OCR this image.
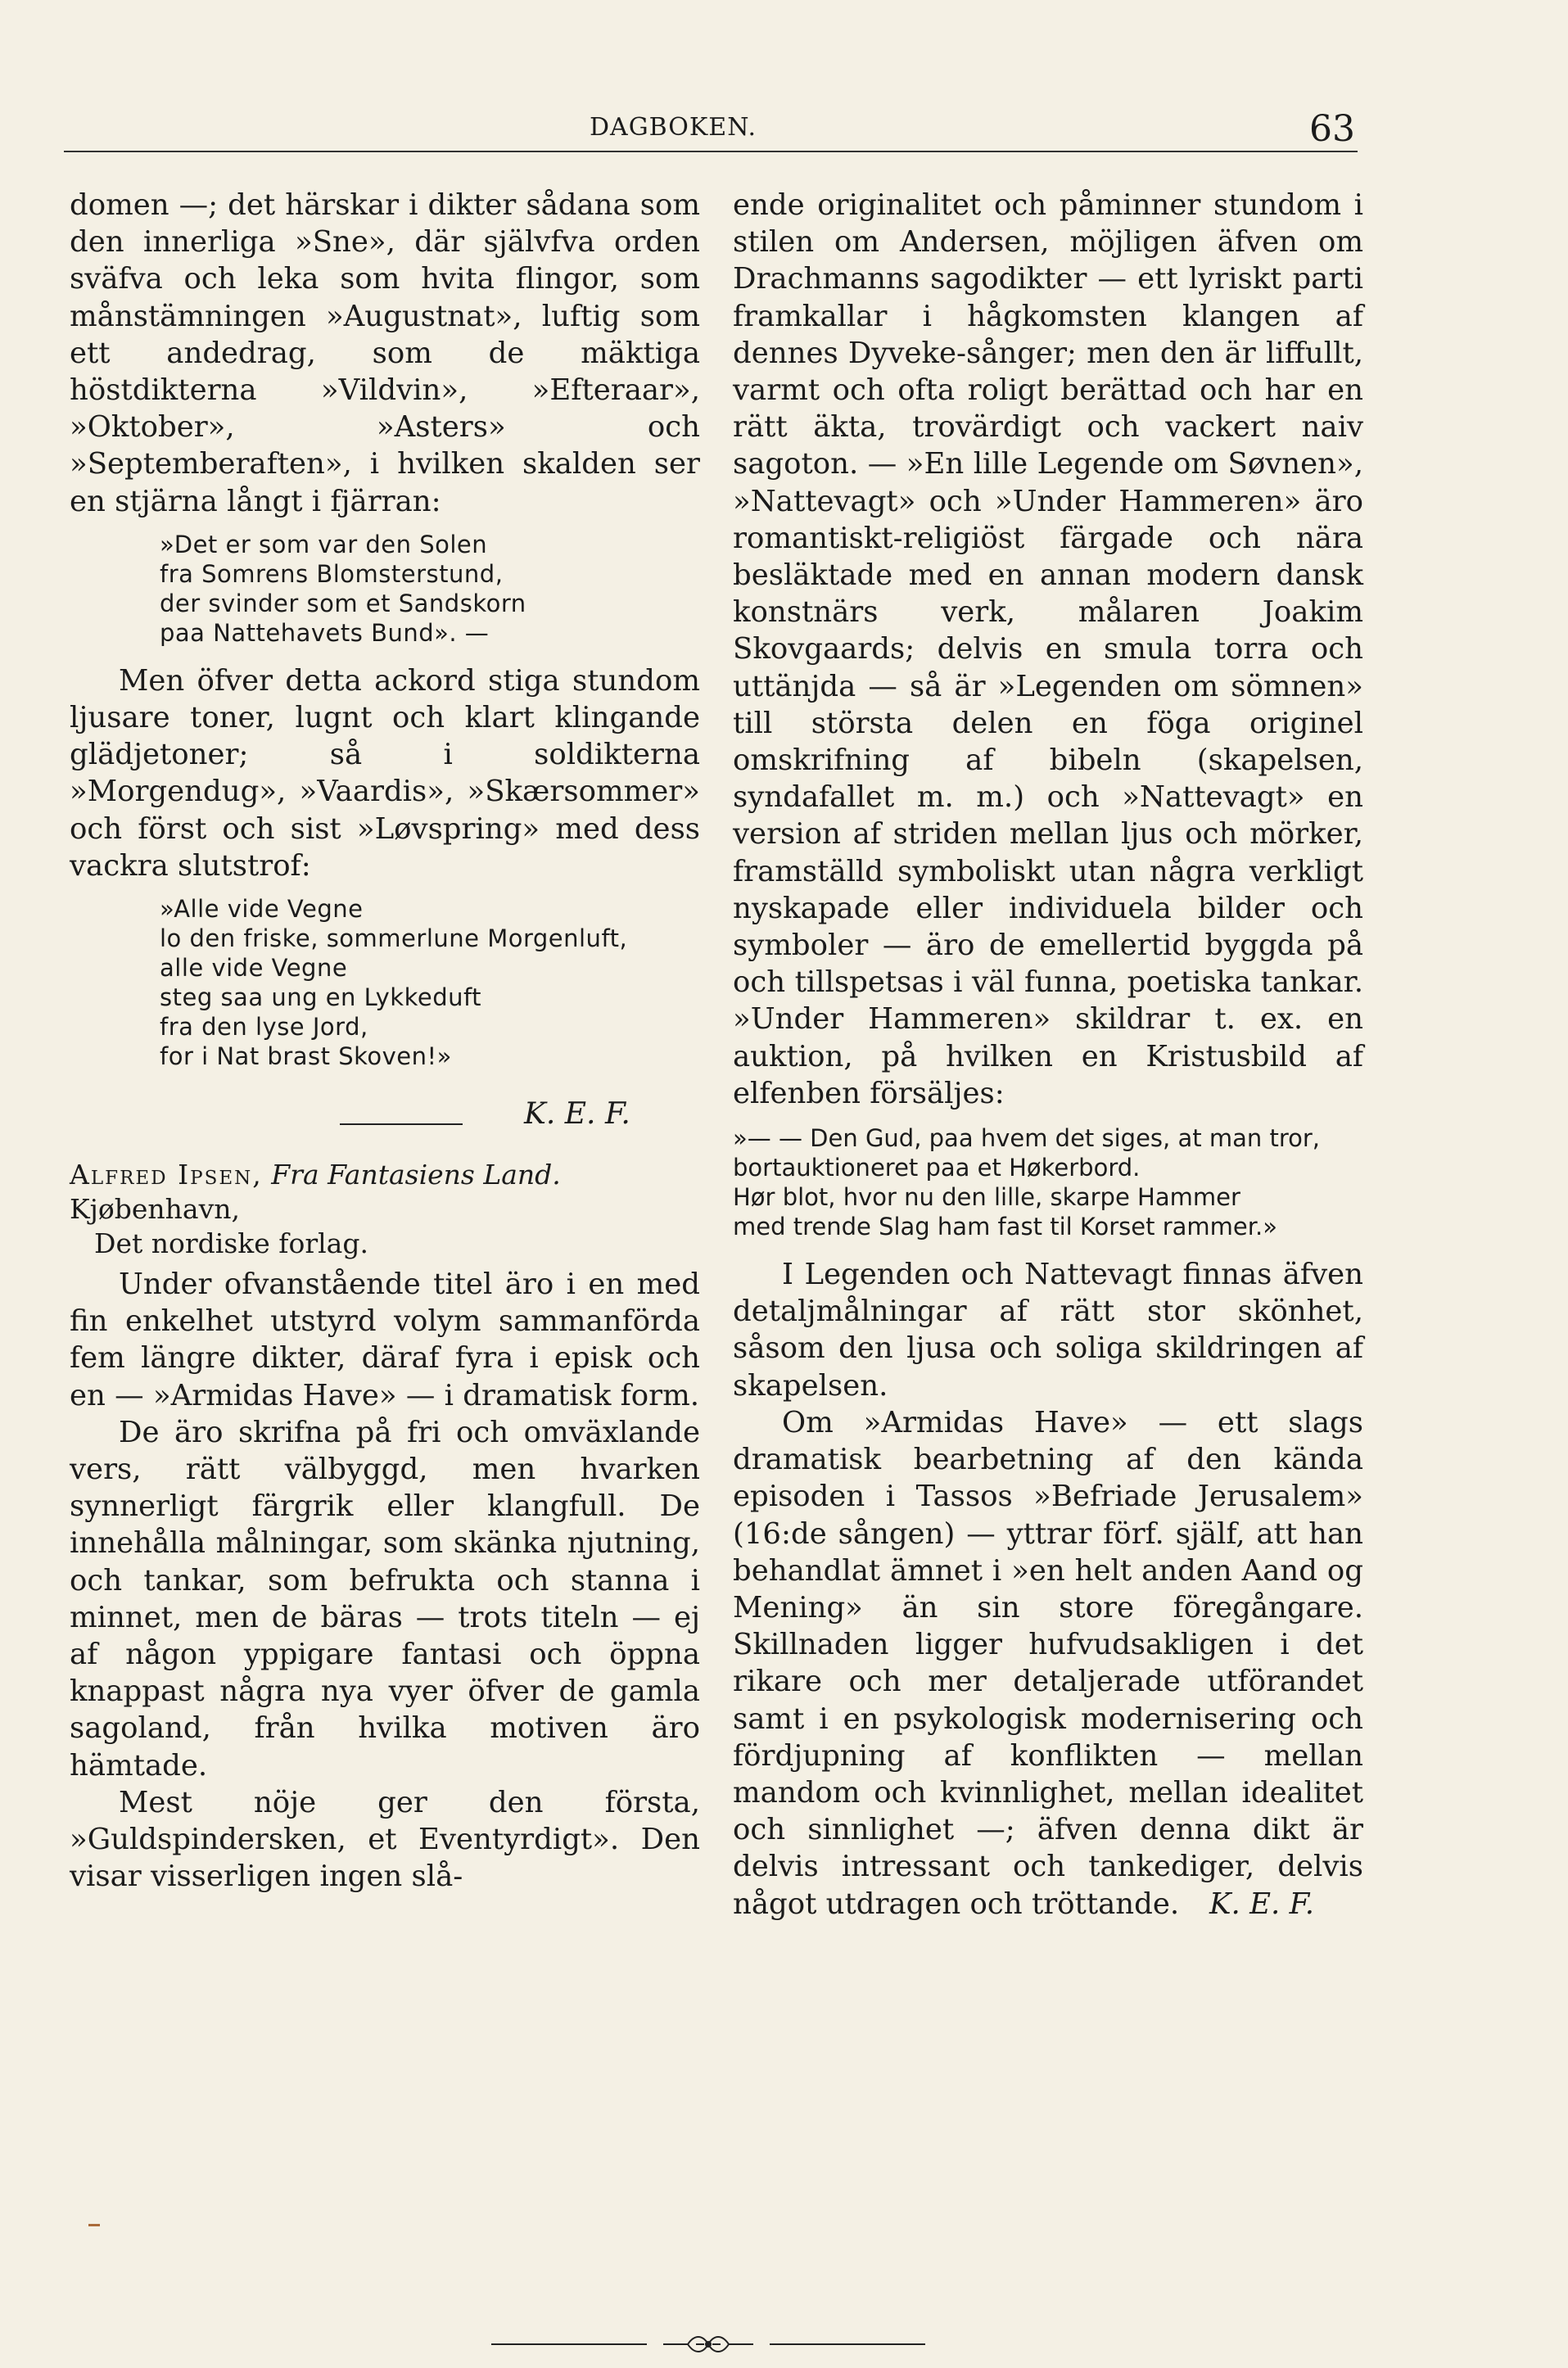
DAGBOKEN.	63

domen —; det härskar i dikter sådana som den innerliga »Sne», där självfva orden sväfva och leka som hvita flingor, som månstämningen »Augustnat», luftig som ett andedrag, som de mäktiga höstdikterna »Vildvin», »Efteraar», »Oktober», »Asters» och »Septemberaften», i hvilken skalden ser en stjärna långt i fjärran:

»Det er som var den Solen
fra Somrens Blomsterstund,
der svinder som et Sandskorn
paa Nattehavets Bund». —

Men öfver detta ackord stiga stundom ljusare toner, lugnt och klart klingande glädjetoner; så i soldikterna »Morgendug», »Vaardis», »Skærsommer» och först och sist »Løvspring» med dess vackra slutstrof:

»Alle vide Vegne
lo den friske, sommerlune Morgenluft,
alle vide Vegne
steg saa ung en Lykkeduft
fra den lyse Jord,
for i Nat brast Skoven!»
K. E. F.
Alfred Ipsen, Fra Fantasiens Land. Kjøbenhavn,
Det nordiske forlag.

Under ofvanstående titel äro i en med fin enkelhet utstyrd volym sammanförda fem längre dikter, däraf fyra i episk och en — »Armidas Have» — i dramatisk form.

De äro skrifna på fri och omväxlande vers, rätt välbyggd, men hvarken synnerligt färgrik eller klangfull. De innehålla målningar, som skänka njutning, och tankar, som befrukta och stanna i minnet, men de bäras — trots titeln — ej af någon yppigare fantasi och öppna knappast några nya vyer öfver de gamla sagoland, från hvilka motiven äro hämtade.

Mest nöje ger den första, »Guldspindersken, et Eventyrdigt». Den visar visserligen ingen slå-

ende originalitet och påminner stundom i stilen om Andersen, möjligen äfven om Drachmanns sagodikter — ett lyriskt parti framkallar i hågkomsten klangen af dennes Dyveke-sånger; men den är liffullt, varmt och ofta roligt berättad och har en rätt äkta, trovärdigt och vackert naiv sagoton. — »En lille Legende om Søvnen», »Nattevagt» och »Under Hammeren» äro romantiskt-religiöst färgade och nära besläktade med en annan modern dansk konstnärs verk, målaren Joakim Skovgaards; delvis en smula torra och uttänjda — så är »Legenden om sömnen» till största delen en föga originel omskrifning af bibeln (skapelsen, syndafallet m. m.) och »Nattevagt» en version af striden mellan ljus och mörker, framställd symboliskt utan några verkligt nyskapade eller individuela bilder och symboler — äro de emellertid byggda på och tillspetsas i väl funna, poetiska tankar. »Under Hammeren» skildrar t. ex. en auktion, på hvilken en Kristusbild af elfenben försäljes:

»— — Den Gud, paa hvem det siges, at man tror,
bortauktioneret paa et Høkerbord.
Hør blot, hvor nu den lille, skarpe Hammer
med trende Slag ham fast til Korset rammer.»

I Legenden och Nattevagt finnas äfven detaljmålningar af rätt stor skönhet, såsom den ljusa och soliga skildringen af skapelsen.

Om »Armidas Have» — ett slags dramatisk bearbetning af den kända episoden i Tassos »Befriade Jerusalem» (16:de sången) — yttrar förf. själf, att han behandlat ämnet i »en helt anden Aand og Mening» än sin store föregångare. Skillnaden ligger hufvudsakligen i det rikare och mer detaljerade utförandet samt i en psykologisk modernisering och fördjupning af konflikten — mellan mandom och kvinnlighet, mellan idealitet och sinnlighet —; äfven denna dikt är delvis intressant och tankediger, delvis något utdragen och tröttande.	K. E. F.
